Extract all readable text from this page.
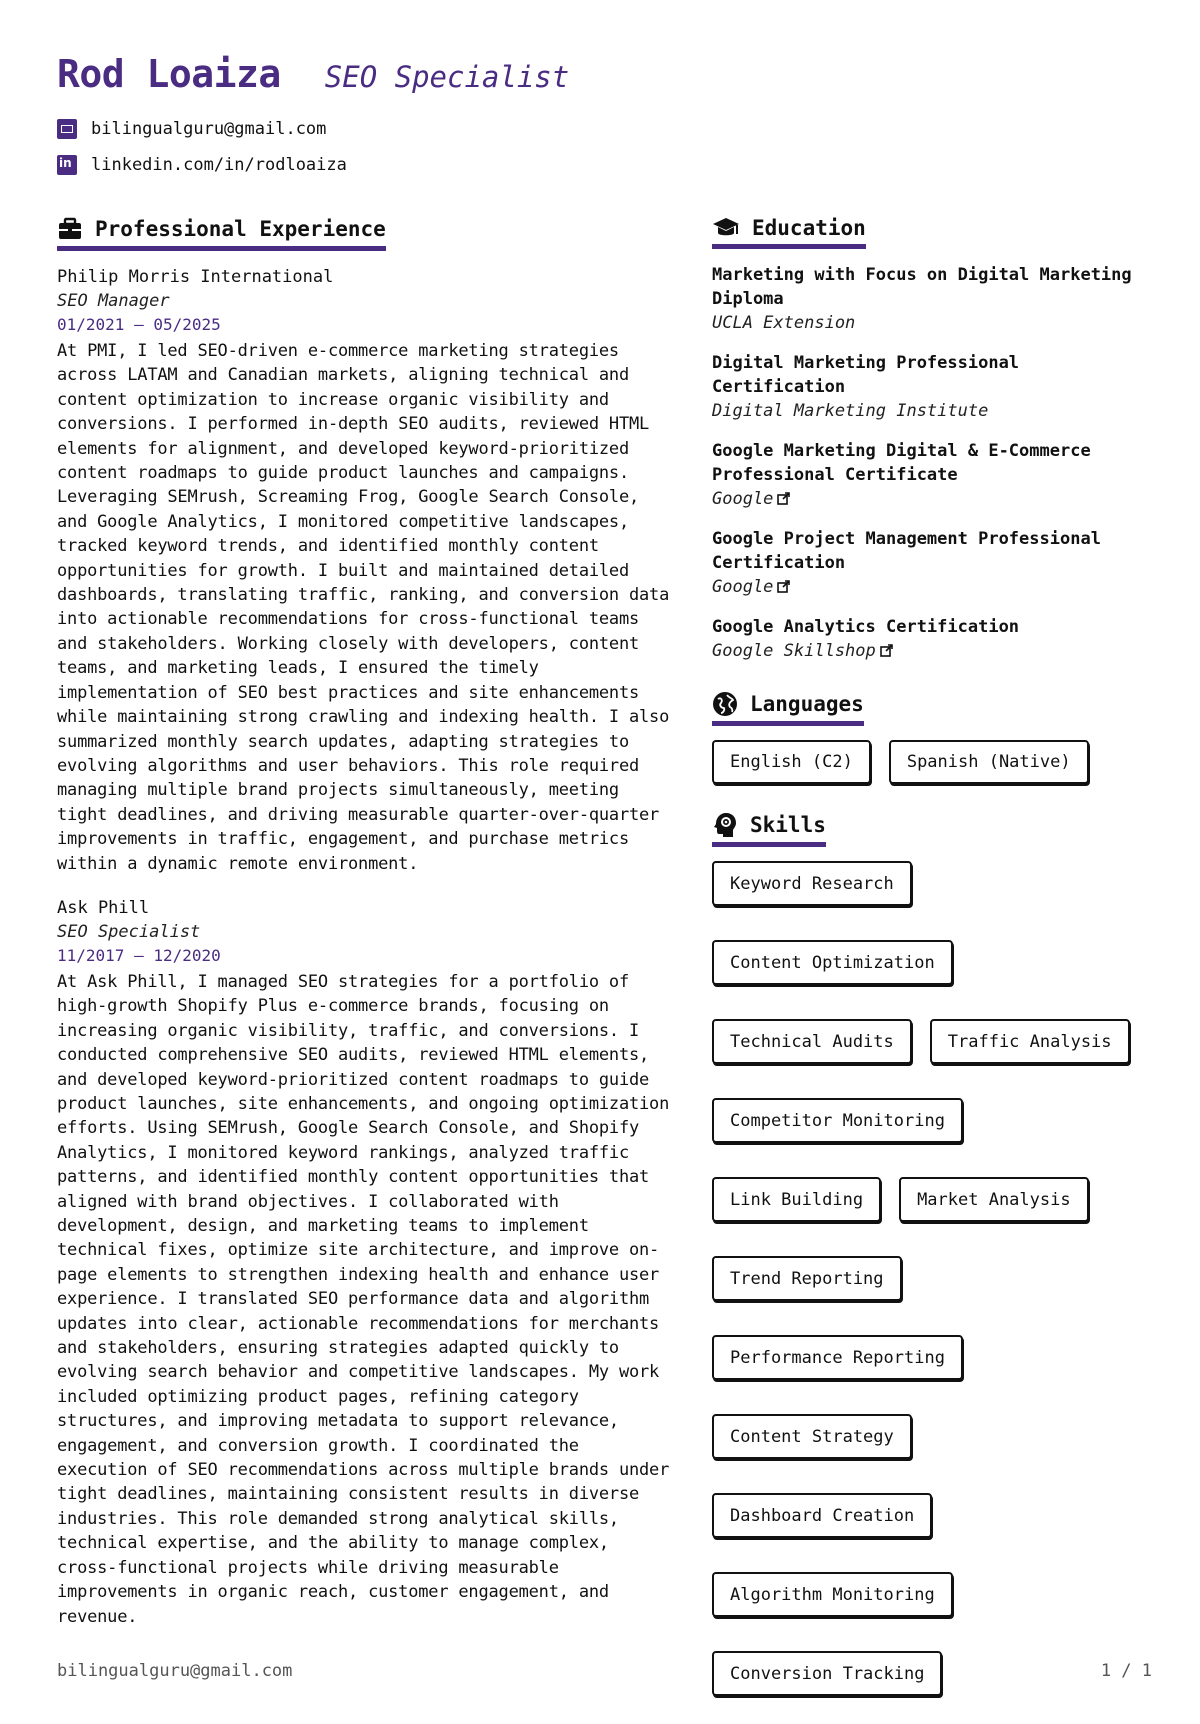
Rod Loaiza SEO Specialist
bilingualguru@gmail.com
in
linkedin.com/in/rodloaiza
Professional Experience
Philip Morris International
SEO Manager
01/2021 – 05/2025
At PMI, I led SEO-driven e-commerce marketing strategies across LATAM and Canadian markets, aligning technical and content optimization to increase organic visibility and conversions. I performed in-depth SEO audits, reviewed HTML elements for alignment, and developed keyword-prioritized content roadmaps to guide product launches and campaigns. Leveraging SEMrush, Screaming Frog, Google Search Console, and Google Analytics, I monitored competitive landscapes, tracked keyword trends, and identified monthly content opportunities for growth. I built and maintained detailed dashboards, translating traffic, ranking, and conversion data into actionable recommendations for cross-functional teams and stakeholders. Working closely with developers, content teams, and marketing leads, I ensured the timely implementation of SEO best practices and site enhancements while maintaining strong crawling and indexing health. I also summarized monthly search updates, adapting strategies to evolving algorithms and user behaviors. This role required managing multiple brand projects simultaneously, meeting tight deadlines, and driving measurable quarter-over-quarter improvements in traffic, engagement, and purchase metrics within a dynamic remote environment.
Ask Phill
SEO Specialist
11/2017 – 12/2020
At Ask Phill, I managed SEO strategies for a portfolio of high-growth Shopify Plus e-commerce brands, focusing on increasing organic visibility, traffic, and conversions. I conducted comprehensive SEO audits, reviewed HTML elements, and developed keyword-prioritized content roadmaps to guide product launches, site enhancements, and ongoing optimization efforts. Using SEMrush, Google Search Console, and Shopify Analytics, I monitored keyword rankings, analyzed traffic patterns, and identified monthly content opportunities that aligned with brand objectives. I collaborated with development, design, and marketing teams to implement technical fixes, optimize site architecture, and improve on-page elements to strengthen indexing health and enhance user experience. I translated SEO performance data and algorithm updates into clear, actionable recommendations for merchants and stakeholders, ensuring strategies adapted quickly to evolving search behavior and competitive landscapes. My work included optimizing product pages, refining category structures, and improving metadata to support relevance, engagement, and conversion growth. I coordinated the execution of SEO recommendations across multiple brands under tight deadlines, maintaining consistent results in diverse industries. This role demanded strong analytical skills, technical expertise, and the ability to manage complex, cross-functional projects while driving measurable improvements in organic reach, customer engagement, and revenue.
Education
Marketing with Focus on Digital Marketing Diploma
UCLA Extension
Digital Marketing Professional Certification
Digital Marketing Institute
Google Marketing Digital & E-Commerce Professional Certificate
Google
Google Project Management Professional Certification
Google
Google Analytics Certification
Google Skillshop
Languages
English (C2)	Spanish (Native)
Skills
Keyword Research
Content Optimization
Technical Audits	Traffic Analysis
Competitor Monitoring
Link Building	Market Analysis
Trend Reporting
Performance Reporting
Content Strategy
Dashboard Creation
Algorithm Monitoring
Conversion Tracking
bilingualguru@gmail.com	1 / 1
